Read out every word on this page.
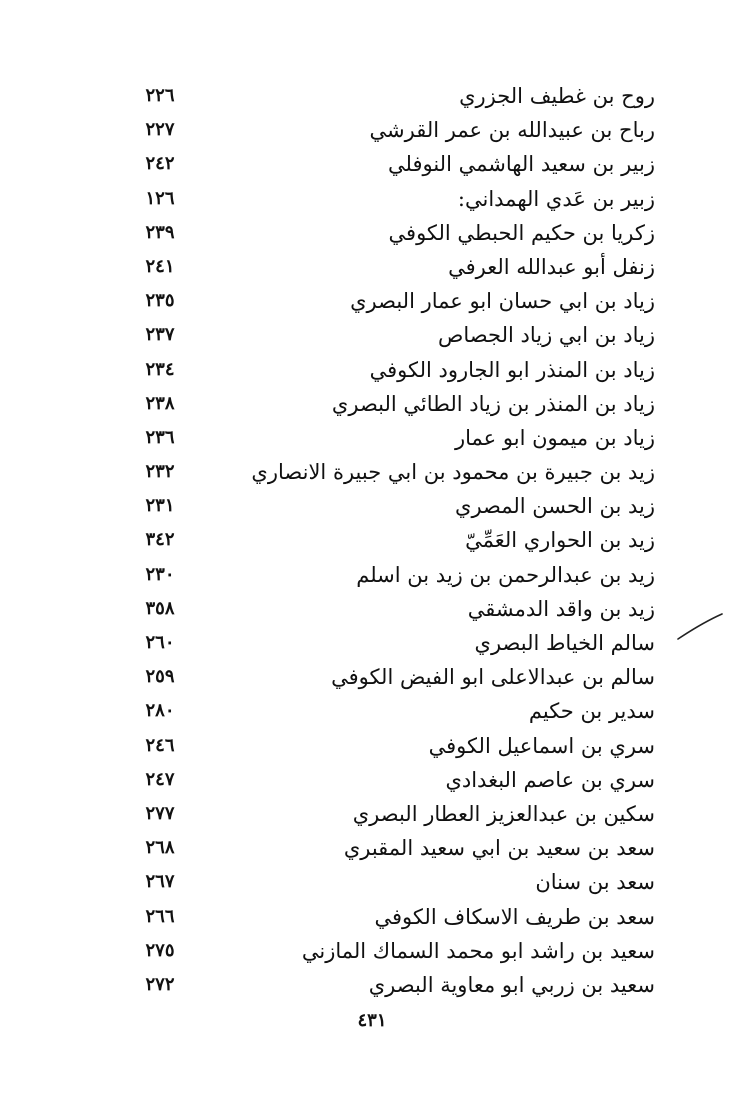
روح بن غطيف الجزري
٢٢٦
رباح بن عبيدالله بن عمر القرشي
٢٢٧
زبير بن سعيد الهاشمي النوفلي
٢٤٢
زبير بن عَدي الهمداني:
١٢٦
زكريا بن حكيم الحبطي الكوفي
٢٣٩
زنفل أبو عبدالله العرفي
٢٤١
زياد بن ابي حسان ابو عمار البصري
٢٣٥
زياد بن ابي زياد الجصاص
٢٣٧
زياد بن المنذر ابو الجارود الكوفي
٢٣٤
زياد بن المنذر بن زياد الطائي البصري
٢٣٨
زياد بن ميمون ابو عمار
٢٣٦
زيد بن جبيرة بن محمود بن ابي جبيرة الانصاري
٢٣٢
زيد بن الحسن المصري
٢٣١
زيد بن الحواري العَمِّيّ
٣٤٢
زيد بن عبدالرحمن بن زيد بن اسلم
٢٣٠
زيد بن واقد الدمشقي
٣٥٨
سالم الخياط البصري
٢٦٠
سالم بن عبدالاعلى ابو الفيض الكوفي
٢٥٩
سدير بن حكيم
٢٨٠
سري بن اسماعيل الكوفي
٢٤٦
سري بن عاصم البغدادي
٢٤٧
سكين بن عبدالعزيز العطار البصري
٢٧٧
سعد بن سعيد بن ابي سعيد المقبري
٢٦٨
سعد بن سنان
٢٦٧
سعد بن طريف الاسكاف الكوفي
٢٦٦
سعيد بن راشد ابو محمد السماك المازني
٢٧٥
سعيد بن زربي ابو معاوية البصري
٢٧٢
٤٣١
